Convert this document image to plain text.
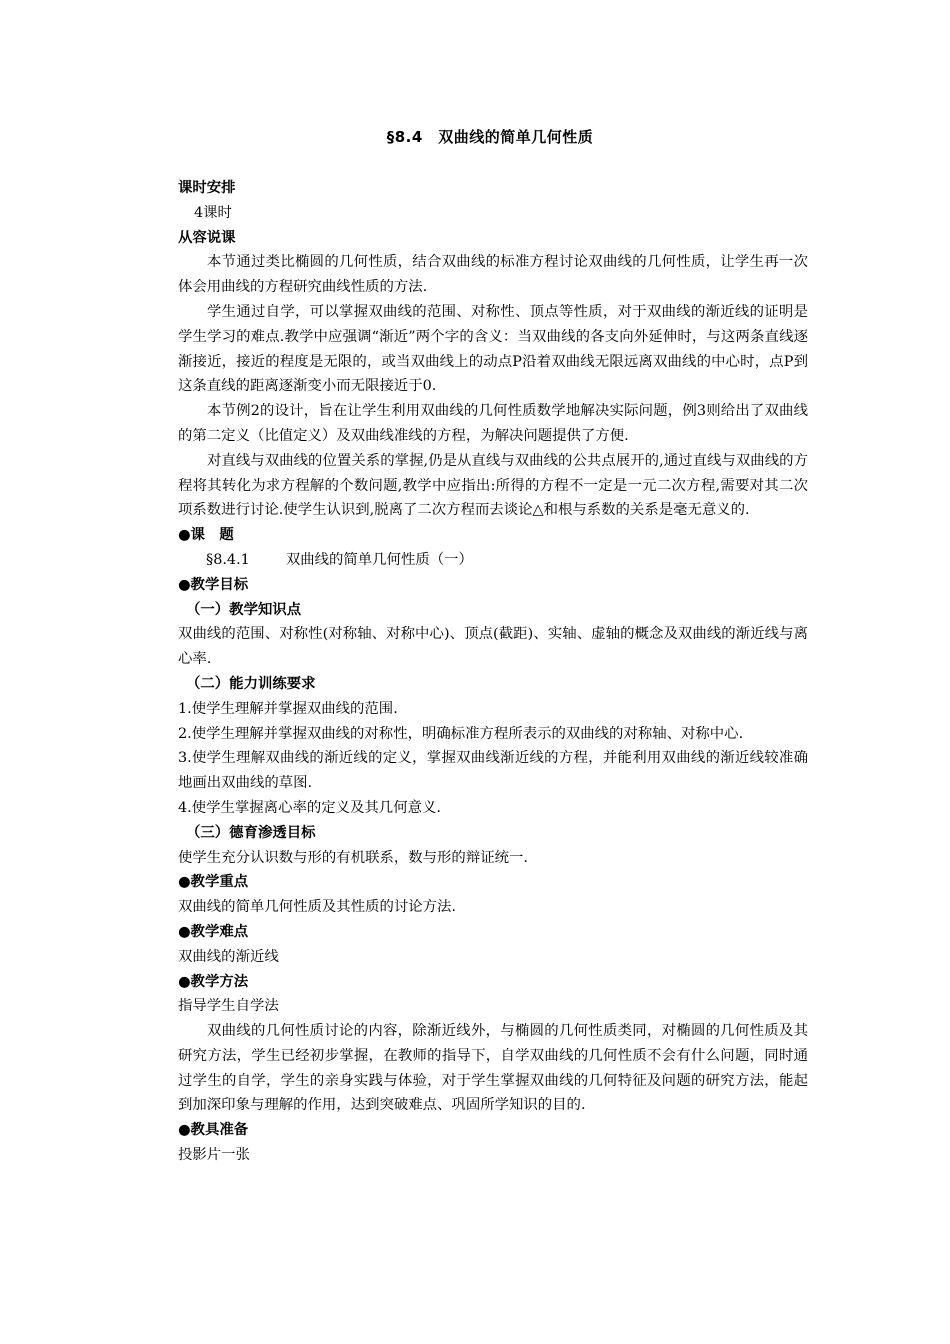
§8.4　双曲线的简单几何性质

课时安排

4课时

从容说课

本节通过类比椭圆的几何性质，结合双曲线的标准方程讨论双曲线的几何性质，让学生再一次体会用曲线的方程研究曲线性质的方法.

学生通过自学，可以掌握双曲线的范围、对称性、顶点等性质，对于双曲线的渐近线的证明是学生学习的难点.教学中应强调“渐近”两个字的含义：当双曲线的各支向外延伸时，与这两条直线逐渐接近，接近的程度是无限的，或当双曲线上的动点P沿着双曲线无限远离双曲线的中心时，点P到这条直线的距离逐渐变小而无限接近于0.

本节例2的设计，旨在让学生利用双曲线的几何性质数学地解决实际问题，例3则给出了双曲线的第二定义（比值定义）及双曲线准线的方程，为解决问题提供了方便.

对直线与双曲线的位置关系的掌握,仍是从直线与双曲线的公共点展开的,通过直线与双曲线的方程将其转化为求方程解的个数问题,教学中应指出:所得的方程不一定是一元二次方程,需要对其二次项系数进行讨论.使学生认识到,脱离了二次方程而去谈论△和根与系数的关系是毫无意义的.

●课　题

§8.4.1	双曲线的简单几何性质（一）

●教学目标

（一）教学知识点

双曲线的范围、对称性(对称轴、对称中心)、顶点(截距)、实轴、虚轴的概念及双曲线的渐近线与离心率.

（二）能力训练要求

1.使学生理解并掌握双曲线的范围.

2.使学生理解并掌握双曲线的对称性，明确标准方程所表示的双曲线的对称轴、对称中心.

3.使学生理解双曲线的渐近线的定义，掌握双曲线渐近线的方程，并能利用双曲线的渐近线较准确地画出双曲线的草图.

4.使学生掌握离心率的定义及其几何意义.

（三）德育渗透目标

使学生充分认识数与形的有机联系，数与形的辩证统一.

●教学重点

双曲线的简单几何性质及其性质的讨论方法.

●教学难点

双曲线的渐近线

●教学方法

指导学生自学法

双曲线的几何性质讨论的内容，除渐近线外，与椭圆的几何性质类同，对椭圆的几何性质及其研究方法，学生已经初步掌握，在教师的指导下，自学双曲线的几何性质不会有什么问题，同时通过学生的自学，学生的亲身实践与体验，对于学生掌握双曲线的几何特征及问题的研究方法，能起到加深印象与理解的作用，达到突破难点、巩固所学知识的目的.

●教具准备

投影片一张
